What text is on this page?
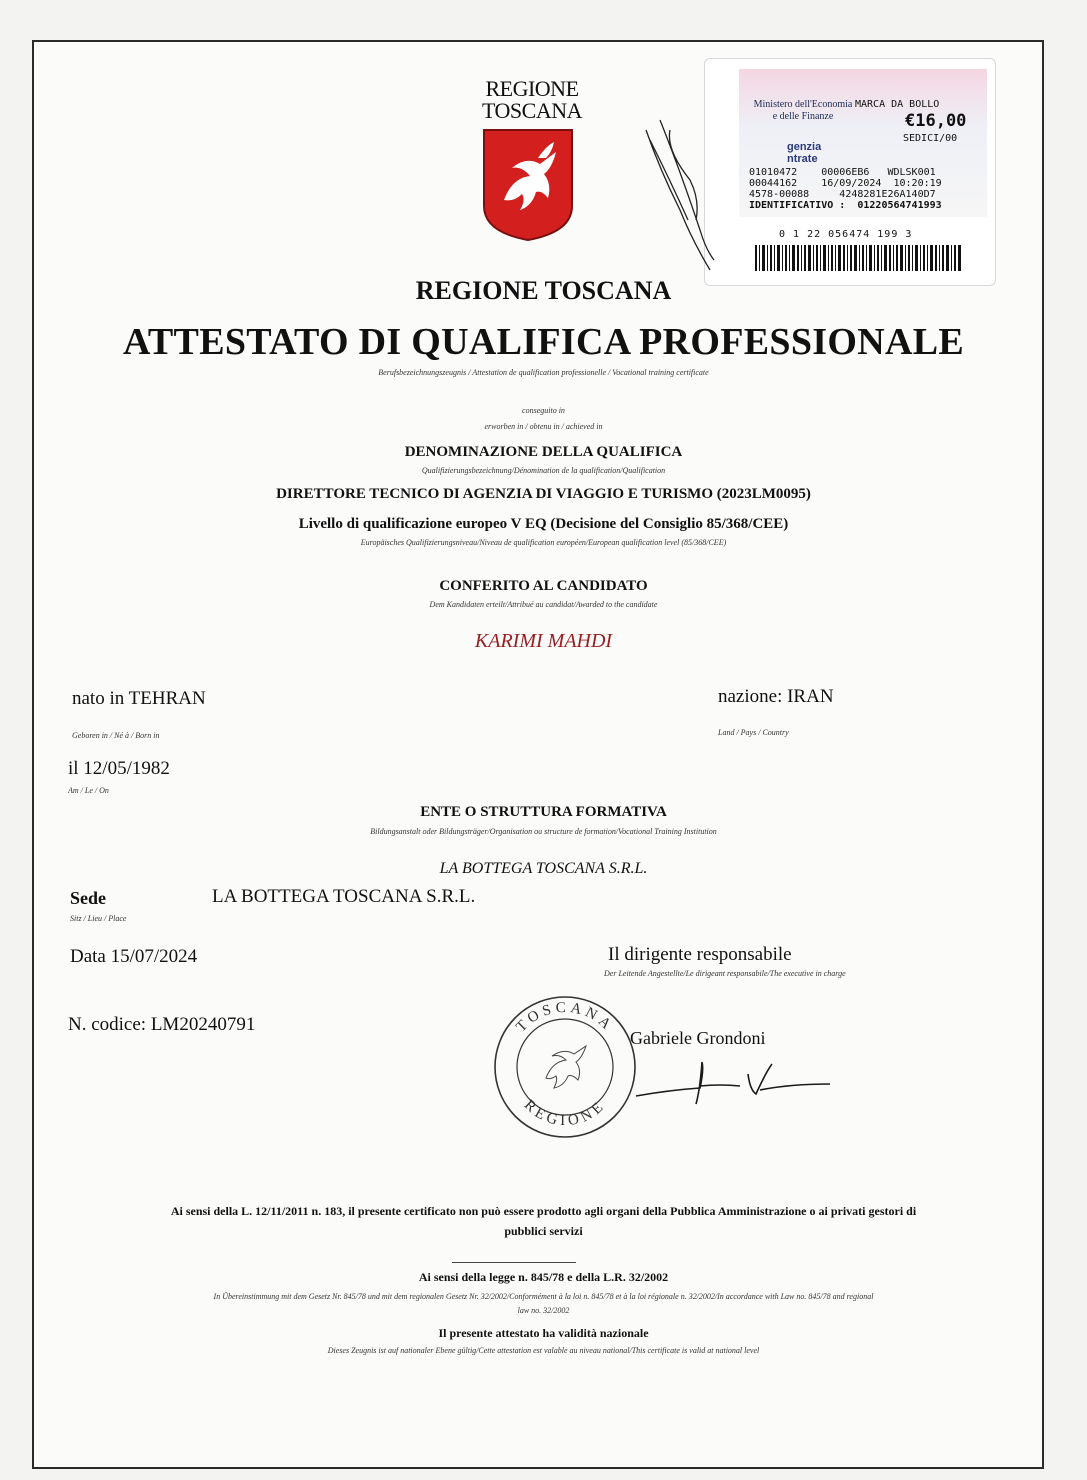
REGIONE
TOSCANA	Ministero dell'Economia
e delle Finanze
MARCA DA BOLLO
€16,00
SEDICI/00
genzia
ntrate
01010472    00006EB6   WDLSK001
00044162    16/09/2024  10:20:19
4578-00088     4248281E26A140D7
IDENTIFICATIVO :  01220564741993
0 1 22 056474 199 3
REGIONE TOSCANA
ATTESTATO DI QUALIFICA PROFESSIONALE
Berufsbezeichnungszeugnis / Attestation de qualification professionelle / Vocational training certificate
conseguito in
erworben in / obtenu in / achieved in
DENOMINAZIONE DELLA QUALIFICA
Qualifizierungsbezeichnung/Dénomination de la qualification/Qualification
DIRETTORE TECNICO DI AGENZIA DI VIAGGIO E TURISMO (2023LM0095)
Livello di qualificazione europeo V EQ (Decisione del Consiglio 85/368/CEE)
Europäisches Qualifizierungsniveau/Niveau de qualification européen/European qualification level (85/368/CEE)
CONFERITO AL CANDIDATO
Dem Kandidaten erteilt/Attribué au candidat/Awarded to the candidate
KARIMI MAHDI
nato in TEHRAN
Geboren in / Né à / Born in
nazione: IRAN
Land / Pays / Country
il 12/05/1982
Am / Le / On
ENTE O STRUTTURA FORMATIVA
Bildungsanstalt oder Bildungsträger/Organisation ou structure de formation/Vocational Training Institution
LA BOTTEGA TOSCANA S.R.L.
Sede
Sitz / Lieu / Place
LA BOTTEGA TOSCANA S.R.L.
Data 15/07/2024
N. codice: LM20240791
Il dirigente responsabile
Der Leitende Angestellte/Le dirigeant responsabile/The executive in charge
TOSCANA
REGIONE
Gabriele Grondoni
Ai sensi della L. 12/11/2011 n. 183, il presente certificato non può essere prodotto agli organi della Pubblica Amministrazione o ai privati gestori di
pubblici servizi
Ai sensi della legge n. 845/78 e della L.R. 32/2002
In Übereinstimmung mit dem Gesetz Nr. 845/78 und mit dem regionalen Gesetz Nr. 32/2002/Conformément à la loi n. 845/78 et à la loi régionale n. 32/2002/In accordance with Law no. 845/78 and regional
law no. 32/2002
Il presente attestato ha validità nazionale
Dieses Zeugnis ist auf nationaler Ebene gültig/Cette attestation est valable au niveau national/This certificate is valid at national level
